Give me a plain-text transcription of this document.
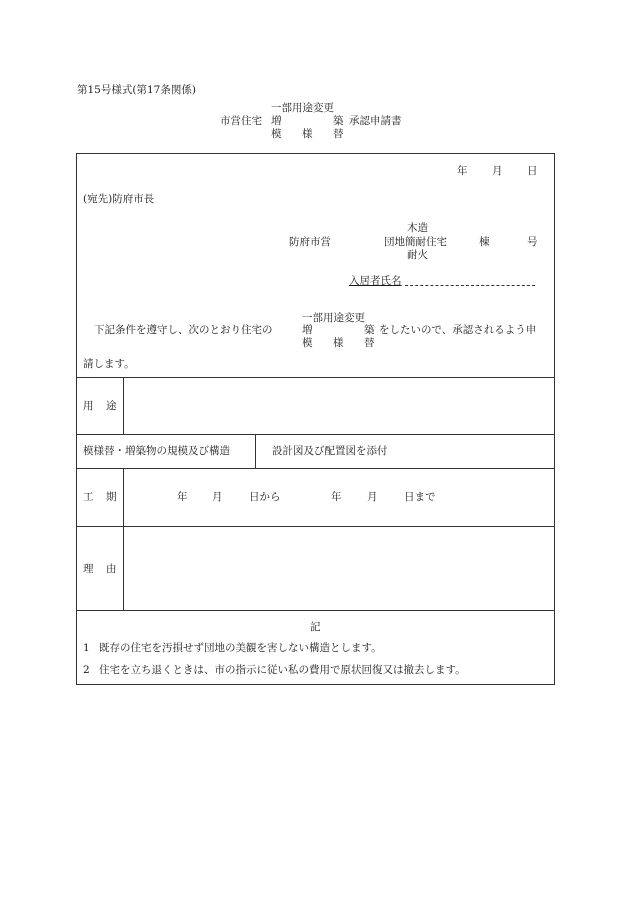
第15号様式(第17条関係)
一部用途変更
市営住宅 増	築 承認申請書
模 様 替
年 月 日
(宛先)防府市長
木造
防府市営	団地簡耐住宅	棟	号
耐火
入居者氏名
一部用途変更
下記条件を遵守し、次のとおり住宅の	増	築 をしたいので、承認されるよう申
模 様 替
請します。
用 途
模様替・増築物の規模及び構造	設計図及び配置図を添付
工 期	年 月	日から	年 月	日まで
理 由
記
1 既存の住宅を汚損せず団地の美観を害しない構造とします。
2 住宅を立ち退くときは、市の指示に従い私の費用で原状回復又は撤去します。
